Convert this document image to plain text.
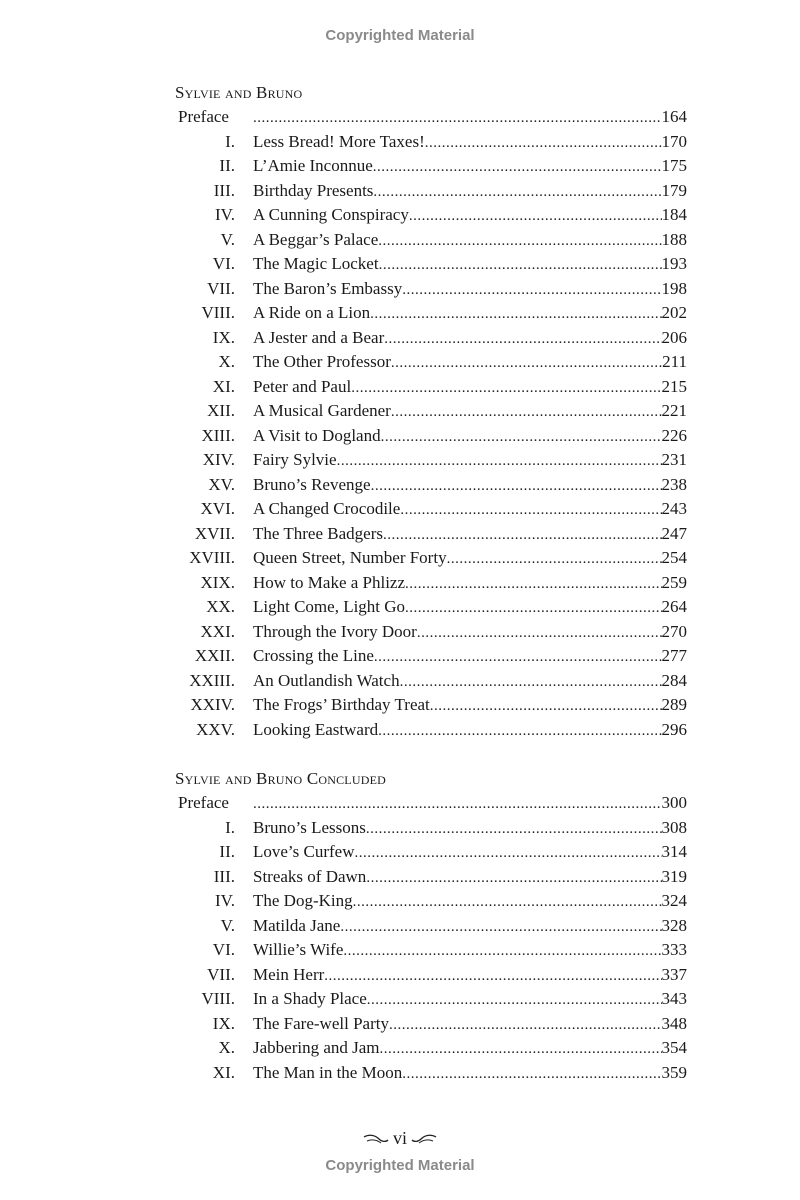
Copyrighted Material
Sylvie and Bruno
Preface .....	164
I. Less Bread! More Taxes! .....	170
II. L’Amie Inconnue .....	175
III. Birthday Presents .....	179
IV. A Cunning Conspiracy .....	184
V. A Beggar’s Palace .....	188
VI. The Magic Locket .....	193
VII. The Baron’s Embassy .....	198
VIII. A Ride on a Lion .....	202
IX. A Jester and a Bear .....	206
X. The Other Professor .....	211
XI. Peter and Paul .....	215
XII. A Musical Gardener .....	221
XIII. A Visit to Dogland .....	226
XIV. Fairy Sylvie .....	231
XV. Bruno’s Revenge .....	238
XVI. A Changed Crocodile .....	243
XVII. The Three Badgers .....	247
XVIII. Queen Street, Number Forty .....	254
XIX. How to Make a Phlizz .....	259
XX. Light Come, Light Go .....	264
XXI. Through the Ivory Door .....	270
XXII. Crossing the Line .....	277
XXIII. An Outlandish Watch .....	284
XXIV. The Frogs’ Birthday Treat .....	289
XXV. Looking Eastward .....	296
Sylvie and Bruno Concluded
Preface .....	300
I. Bruno’s Lessons .....	308
II. Love’s Curfew .....	314
III. Streaks of Dawn .....	319
IV. The Dog-King .....	324
V. Matilda Jane .....	328
VI. Willie’s Wife .....	333
VII. Mein Herr .....	337
VIII. In a Shady Place .....	343
IX. The Fare-well Party .....	348
X. Jabbering and Jam .....	354
XI. The Man in the Moon .....	359
vi
Copyrighted Material
